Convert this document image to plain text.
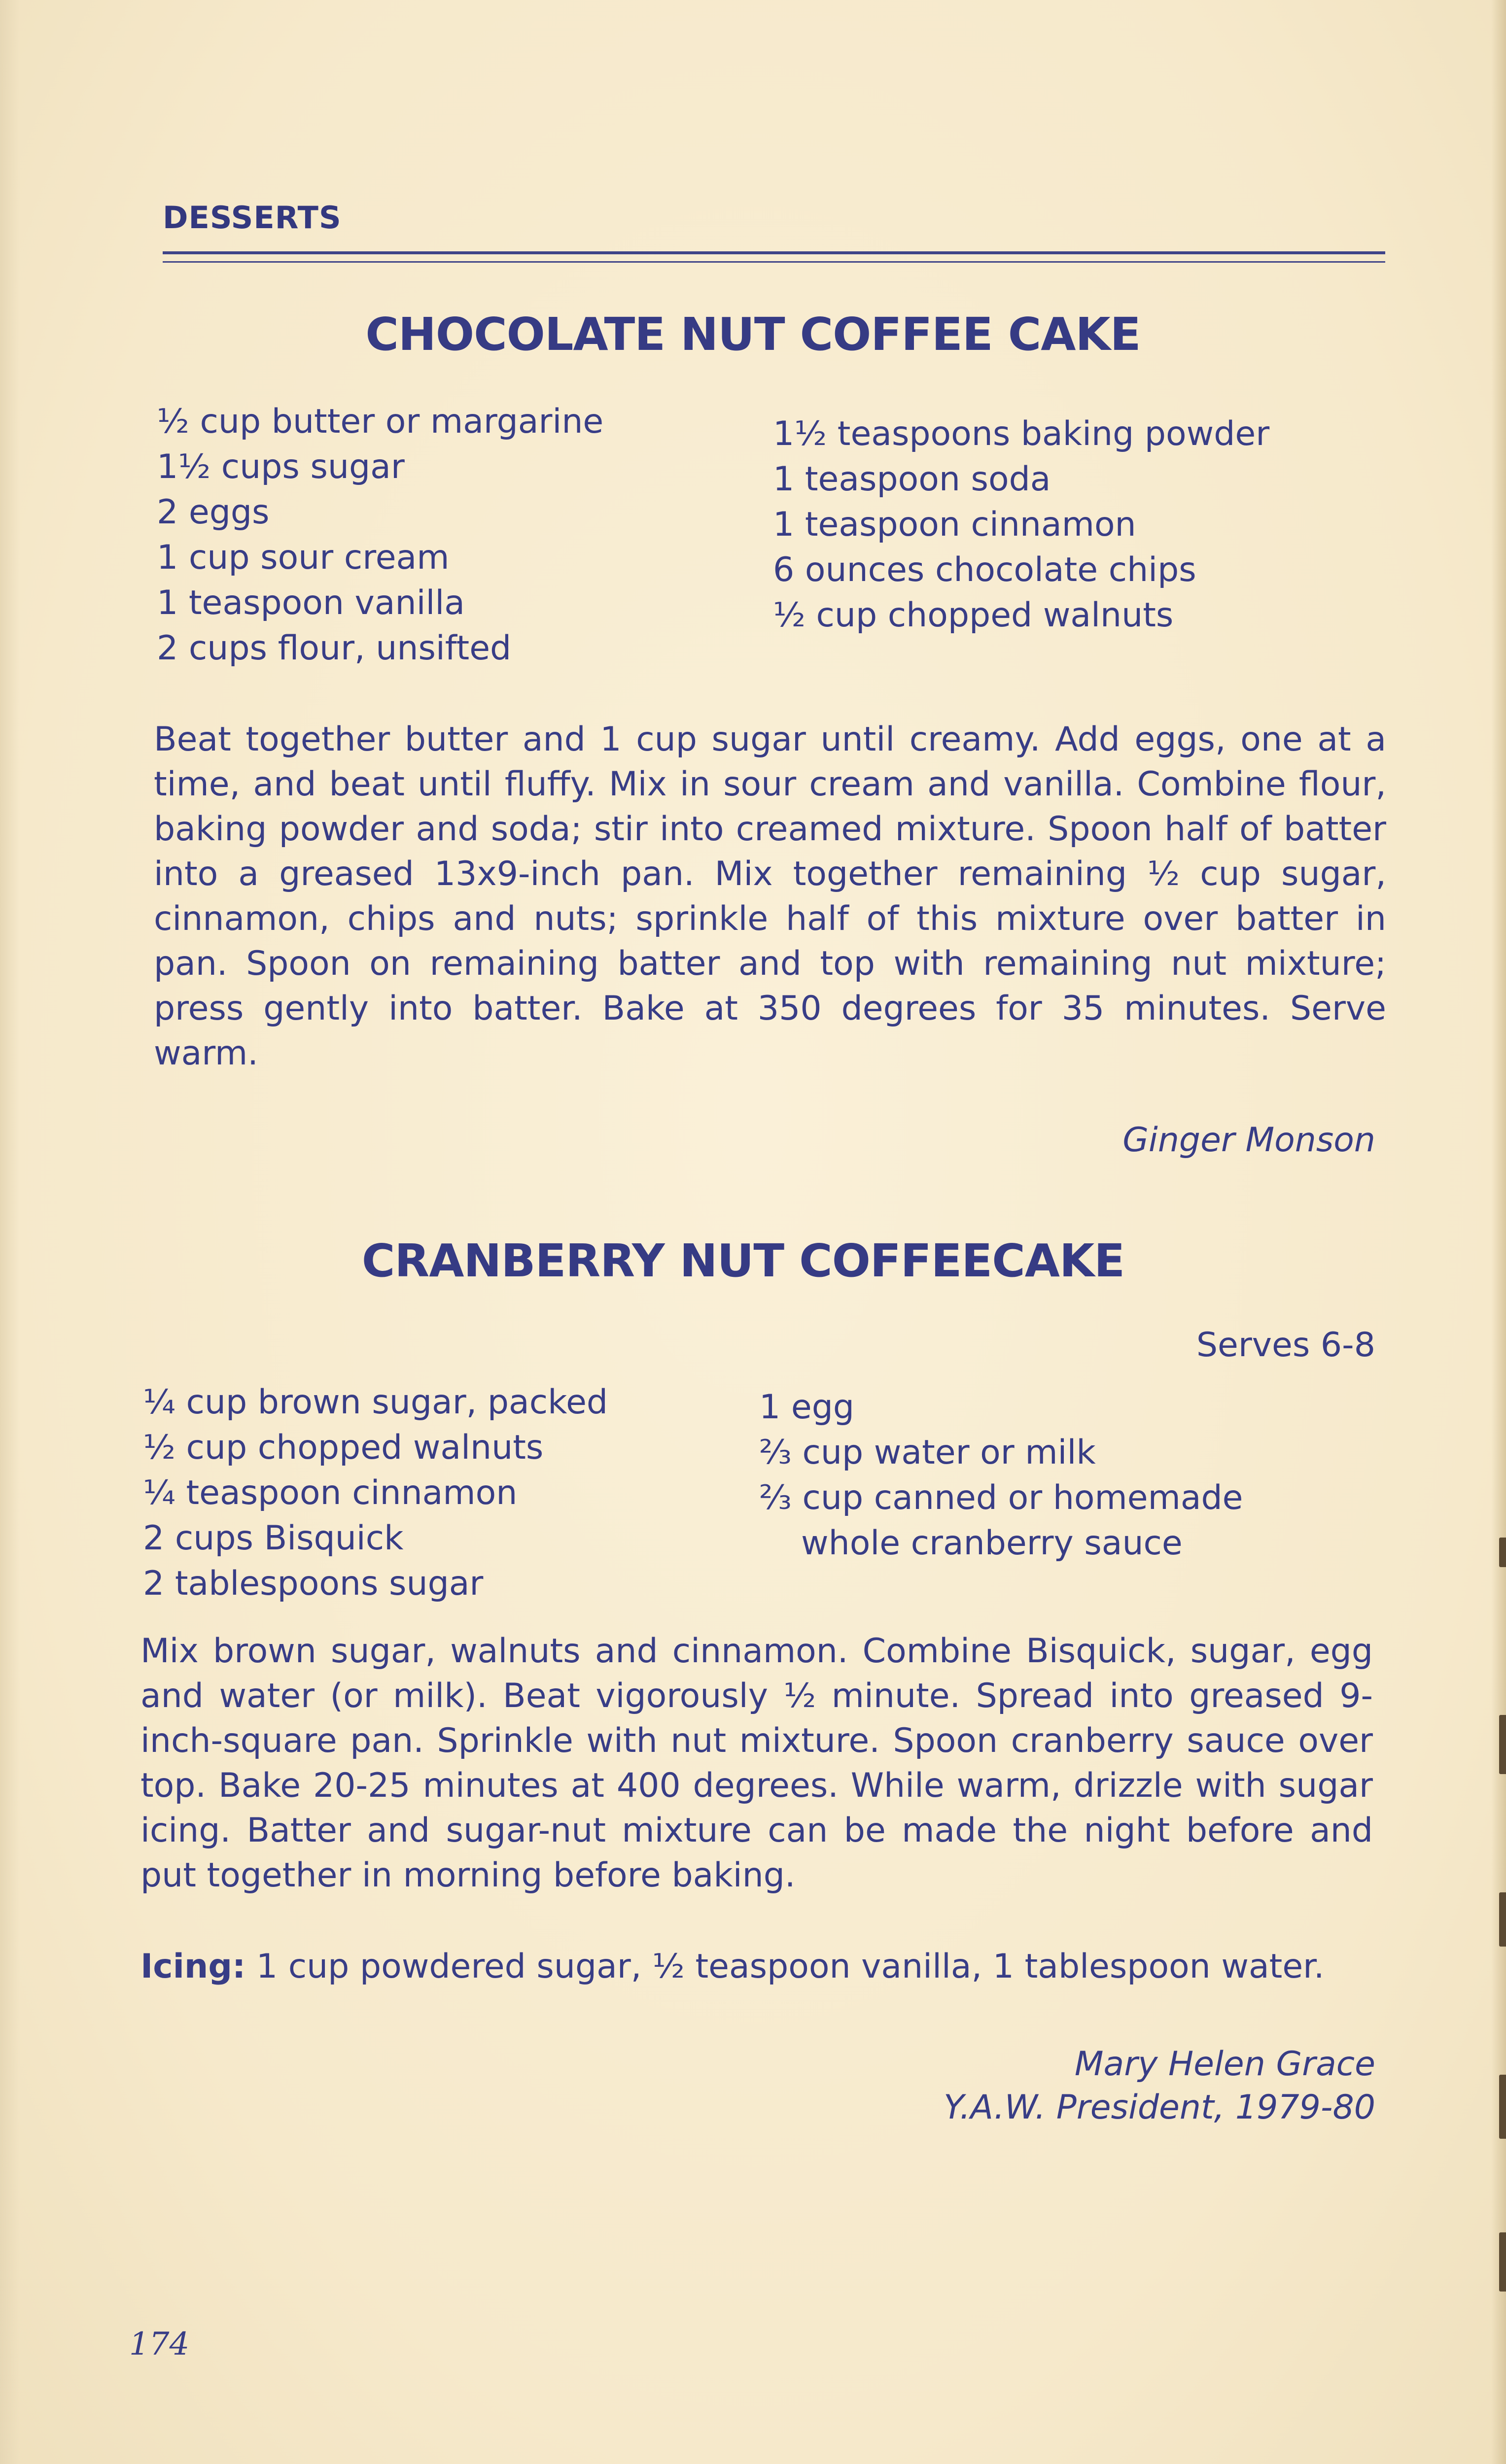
DESSERTS
CHOCOLATE NUT COFFEE CAKE
½ cup butter or margarine
1½ cups sugar
2 eggs
1 cup sour cream
1 teaspoon vanilla
2 cups flour, unsifted
1½ teaspoons baking powder
1 teaspoon soda
1 teaspoon cinnamon
6 ounces chocolate chips
½ cup chopped walnuts
Beat together butter and 1 cup sugar until creamy. Add eggs, one at a time, and beat until fluffy. Mix in sour cream and vanilla. Combine flour, baking powder and soda; stir into creamed mixture. Spoon half of batter into a greased 13x9-inch pan. Mix together remaining ½ cup sugar, cinnamon, chips and nuts; sprinkle half of this mixture over batter in pan. Spoon on remaining batter and top with remaining nut mixture; press gently into batter. Bake at 350 degrees for 35 minutes. Serve warm.
Ginger Monson
CRANBERRY NUT COFFEECAKE
Serves 6-8
¼ cup brown sugar, packed
½ cup chopped walnuts
¼ teaspoon cinnamon
2 cups Bisquick
2 tablespoons sugar
1 egg
⅔ cup water or milk
⅔ cup canned or homemade
whole cranberry sauce
Mix brown sugar, walnuts and cinnamon. Combine Bisquick, sugar, egg and water (or milk). Beat vigorously ½ minute. Spread into greased 9-inch-square pan. Sprinkle with nut mixture. Spoon cranberry sauce over top. Bake 20-25 minutes at 400 degrees. While warm, drizzle with sugar icing. Batter and sugar-nut mixture can be made the night before and put together in morning before baking.
Icing: 1 cup powdered sugar, ½ teaspoon vanilla, 1 tablespoon water.
Mary Helen Grace
Y.A.W. President, 1979-80
174
